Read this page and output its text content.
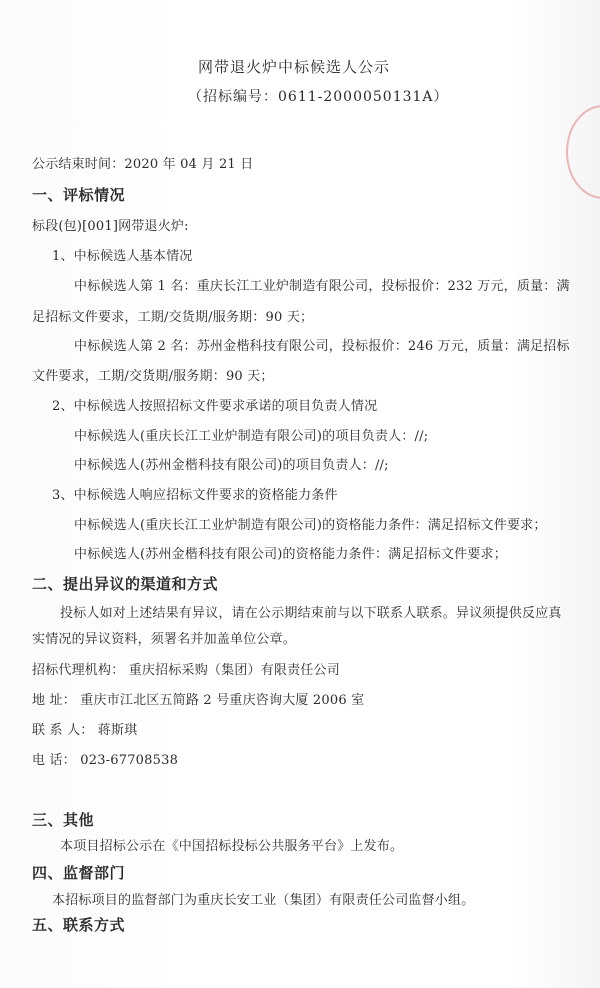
网带退火炉中标候选人公示
（招标编号：0611-2000050131A）
公示结束时间：2020 年 04 月 21 日
一、评标情况
标段(包)[001]网带退火炉:
1、中标候选人基本情况
中标候选人第 1 名：重庆长江工业炉制造有限公司，投标报价：232 万元，质量：满
足招标文件要求，工期/交货期/服务期：90 天；
中标候选人第 2 名：苏州金楷科技有限公司，投标报价：246 万元，质量：满足招标
文件要求，工期/交货期/服务期：90 天；
2、中标候选人按照招标文件要求承诺的项目负责人情况
中标候选人(重庆长江工业炉制造有限公司)的项目负责人：//;
中标候选人(苏州金楷科技有限公司)的项目负责人：//;
3、中标候选人响应招标文件要求的资格能力条件
中标候选人(重庆长江工业炉制造有限公司)的资格能力条件：满足招标文件要求；
中标候选人(苏州金楷科技有限公司)的资格能力条件：满足招标文件要求；
二、提出异议的渠道和方式
投标人如对上述结果有异议，请在公示期结束前与以下联系人联系。异议须提供反应真
实情况的异议资料，须署名并加盖单位公章。
招标代理机构： 重庆招标采购（集团）有限责任公司
地 址： 重庆市江北区五简路 2 号重庆咨询大厦 2006 室
联 系 人： 蒋斯琪
电 话： 023-67708538
三、其他
本项目招标公示在《中国招标投标公共服务平台》上发布。
四、监督部门
本招标项目的监督部门为重庆长安工业（集团）有限责任公司监督小组。
五、联系方式
